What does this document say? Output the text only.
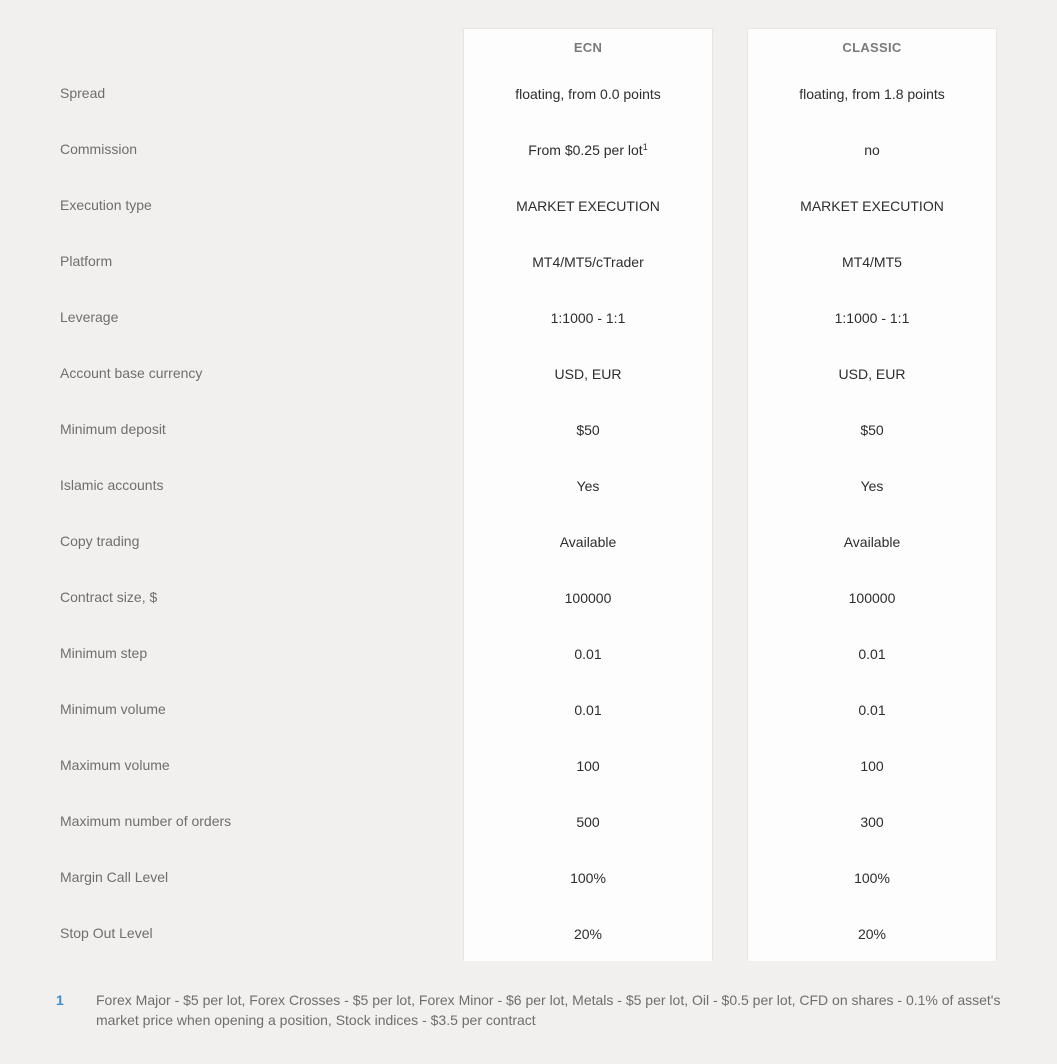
Spread
Commission
Execution type
Platform
Leverage
Account base currency
Minimum deposit
Islamic accounts
Copy trading
Contract size, $
Minimum step
Minimum volume
Maximum volume
Maximum number of orders
Margin Call Level
Stop Out Level
ECN
floating, from 0.0 points
From $0.25 per lot$^1$
MARKET EXECUTION
MT4/MT5/cTrader
1:1000 - 1:1
USD, EUR
$50
Yes
Available
100000
0.01
0.01
100
500
100%
20%
CLASSIC
floating, from 1.8 points
no
MARKET EXECUTION
MT4/MT5
1:1000 - 1:1
USD, EUR
$50
Yes
Available
100000
0.01
0.01
100
300
100%
20%
1	Forex Major - $5 per lot, Forex Crosses - $5 per lot, Forex Minor - $6 per lot, Metals - $5 per lot, Oil - $0.5 per lot, CFD on shares - 0.1% of asset's market price when opening a position, Stock indices - $3.5 per contract
